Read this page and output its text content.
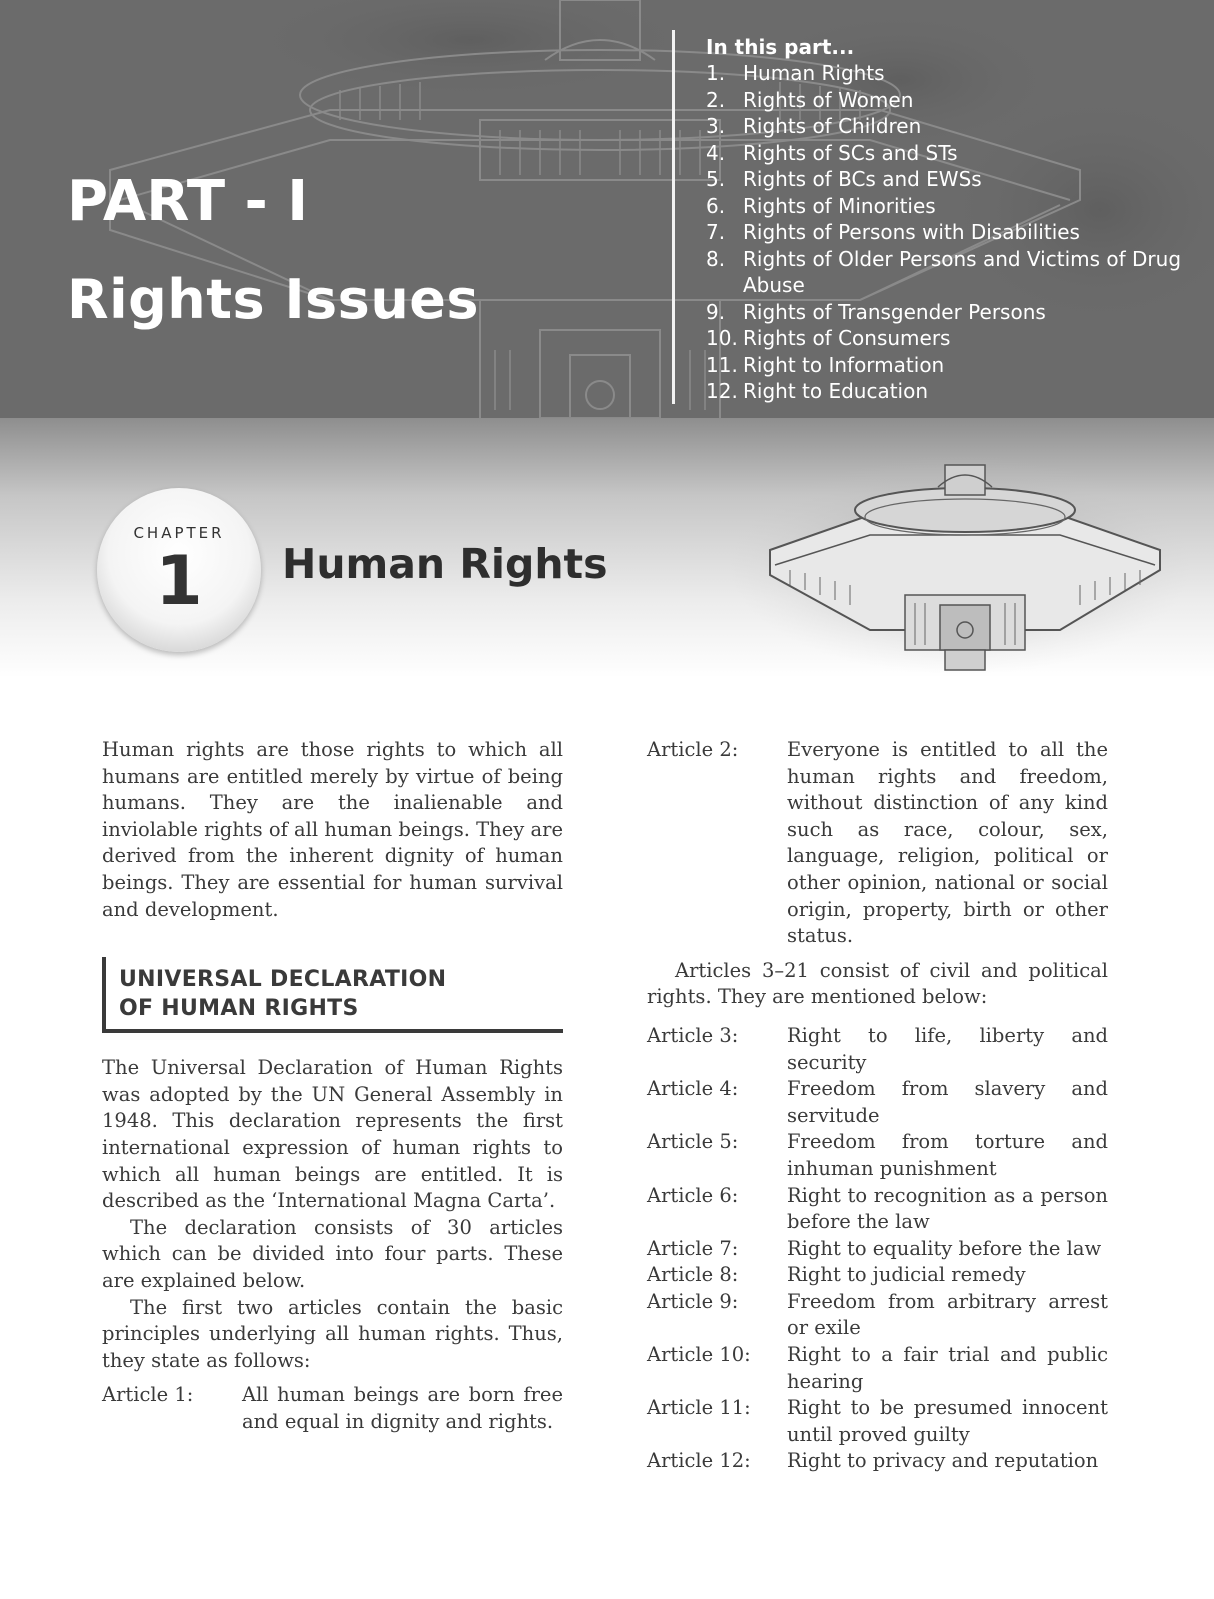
PART - I
Rights Issues
In this part...
1. Human Rights
2. Rights of Women
3. Rights of Children
4. Rights of SCs and STs
5. Rights of BCs and EWSs
6. Rights of Minorities
7. Rights of Persons with Disabilities
8. Rights of Older Persons and Victims of Drug Abuse
9. Rights of Transgender Persons
10. Rights of Consumers
11. Right to Information
12. Right to Education
CHAPTER
1	Human Rights

Human rights are those rights to which all humans are entitled merely by virtue of being humans. They are the inalienable and inviolable rights of all human beings. They are derived from the inherent dignity of human beings. They are essential for human survival and development.

UNIVERSAL DECLARATION
OF HUMAN RIGHTS

The Universal Declaration of Human Rights was adopted by the UN General Assembly in 1948. This declaration represents the first international expression of human rights to which all human beings are entitled. It is described as the ‘International Magna Carta’.

The declaration consists of 30 articles which can be divided into four parts. These are explained below.

The first two articles contain the basic principles underlying all human rights. Thus, they state as follows:

Article 1:	All human beings are born free and equal in dignity and rights.
Article 2:	Everyone is entitled to all the human rights and freedom, without distinction of any kind such as race, colour, sex, language, religion, political or other opinion, national or social origin, property, birth or other status.

Articles 3–21 consist of civil and political rights. They are mentioned below:

Article 3:	Right to life, liberty and security
Article 4:	Freedom from slavery and servitude
Article 5:	Freedom from torture and inhuman punishment
Article 6:	Right to recognition as a person before the law
Article 7:	Right to equality before the law
Article 8:	Right to judicial remedy
Article 9:	Freedom from arbitrary arrest or exile
Article 10:	Right to a fair trial and public hearing
Article 11:	Right to be presumed innocent until proved guilty
Article 12:	Right to privacy and reputation
